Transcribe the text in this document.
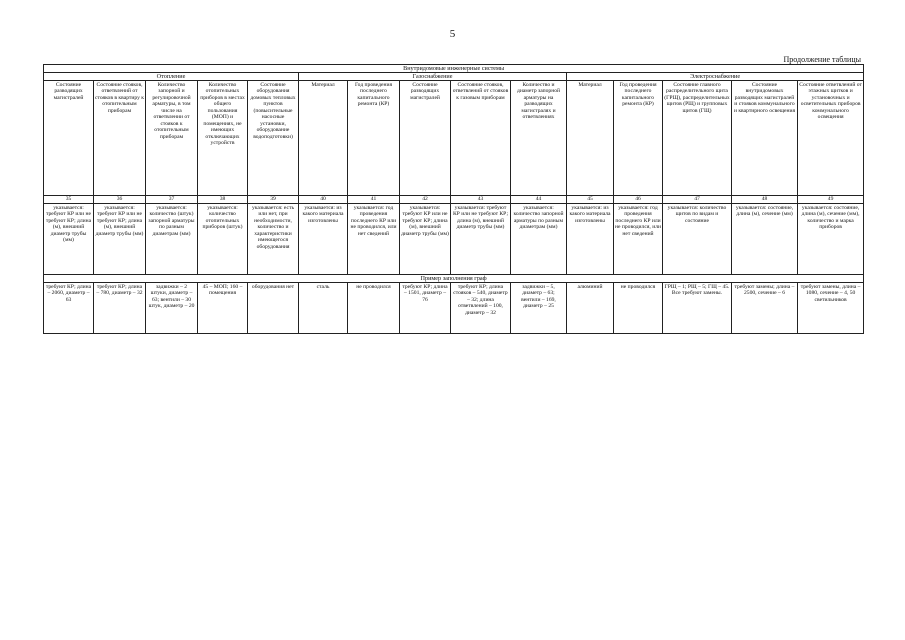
5
Продолжение таблицы
Внутридомовые инженерные системы														
Отопление					Газоснабжение					Электроснабжение				
Состояние разводящих магистралей	Состояние стояков, ответвлений от стояков в квартиру к отопительным приборам	Количество запорной и регулировочной арматуры, в том числе на ответвлении от стояков к отопительным приборам	Количество отопительных приборов в местах общего пользования (МОП) и помещениях, не имеющих отключающих устройств	Состояние оборудования домовых тепловых пунктов (повысительные насосные установки, оборудование водоподготовки)	Материал	Год проведения последнего капитального ремонта (КР)	Состояние разводящих магистралей	Состояние стояков, ответвлений от стояков к газовым приборам	Количество и диаметр запорной арматуры на разводящих магистралях и ответвлениях	Материал	Год проведения последнего капитального ремонта (КР)	Состояние главного распределительного щита (ГРЩ), распределительных щитов (РЩ) и групповых щитов (ГЩ)	Состояние внутридомовых разводящих магистралей и стояков коммунального и квартирного освещения	Состояние ответвлений от этажных щитков и установочных и осветительных приборов коммунального освещения
35	36	37	38	39	40	41	42	43	44	45	46	47	48	49
указывается: требуют КР или не требуют КР; длина (м), внешний диаметр трубы (мм)	указывается: требуют КР или не требуют КР; длина (м), внешний диаметр трубы (мм)	указывается: количество (штук) запорной арматуры по разным диаметрам (мм)	указывается: количество отопительных приборов (штук)	указывается: есть или нет, при необходимости, количество и характеристики имеющегося оборудования	указывается: из какого материала изготовлены	указывается: год проведения последнего КР или не проводился, или нет сведений	указывается: требуют КР или не требуют КР; длина (м), внешний диаметр трубы (мм)	указывается: требуют КР или не требуют КР; длина (м), внешний диаметр трубы (мм)	указывается: количество запорной арматуры по разным диаметрам (мм)	указывается: из какого материала изготовлены	указывается: год проведения последнего КР или не проводился, или нет сведений	указывается: количество щитов по видам и состояние	указывается: состояние, длина (м), сечение (мм)	указывается: состояние, длина (м), сечение (мм), количество и марка приборов
Пример заполнения граф														
требуют КР; длина – 2060, диаметр – 63	требуют КР; длина – 780, диаметр – 32	задвижки – 2 штуки, диаметр – 63; вентили – 30 штук, диаметр – 20	45 – МОП; 160 – помещения	оборудования нет	сталь	не проводился	требуют КР; длина – 1501, диаметр – 76	требуют КР; длина стояков – 540, диаметр – 32; длина ответвлений – 100, диаметр – 32	задвижки – 5, диаметр – 63; вентили – 169, диаметр – 25	алюминий	не проводился	ГРЩ – 1; РЩ – 5; ГЩ – 45. Все требуют замены.	требуют замены; длина – 2500, сечение – 6	требуют замены, длина – 1080, сечение – 4, 50 светильников
